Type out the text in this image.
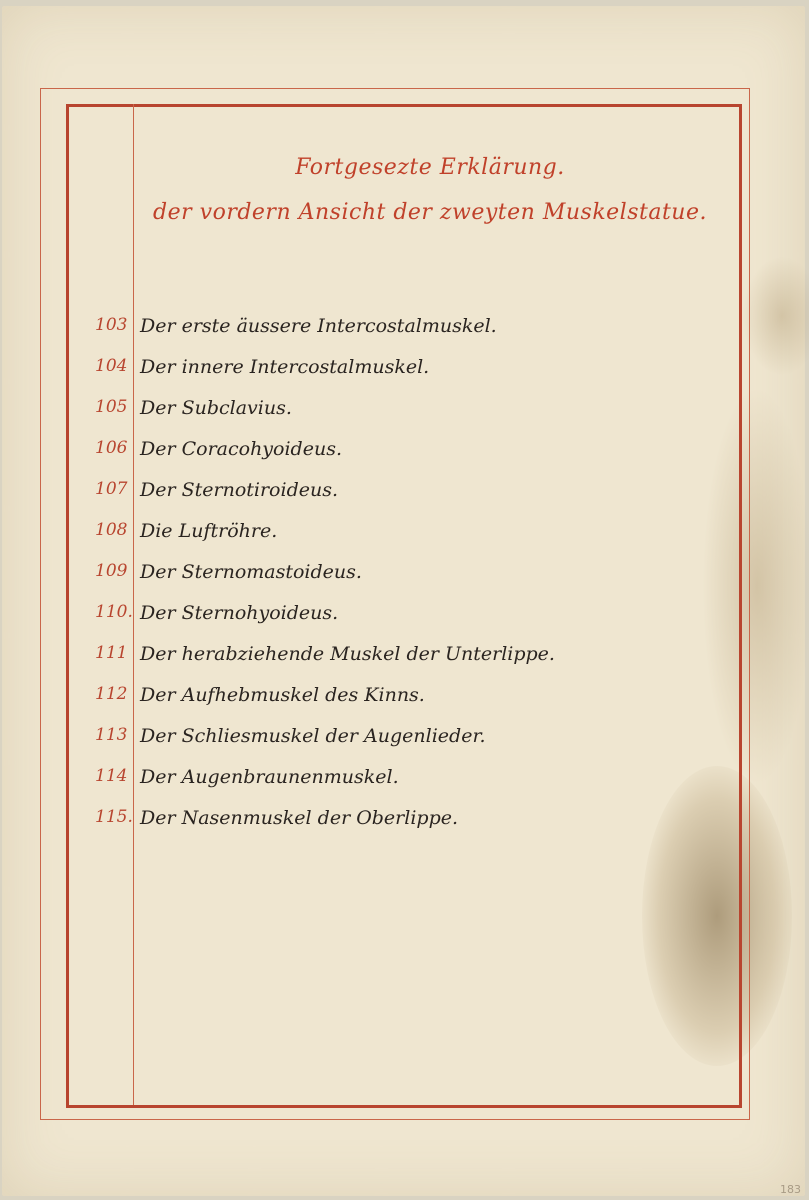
Fortgesezte Erklärung.
der vordern Ansicht der zweyten Muskelstatue.
103 Der erste äussere Intercostalmuskel.
104 Der innere Intercostalmuskel.
105 Der Subclavius.
106 Der Coracohyoideus.
107 Der Sternotiroideus.
108 Die Luftröhre.
109 Der Sternomastoideus.
110. Der Sternohyoideus.
111 Der herabziehende Muskel der Unterlippe.
112 Der Aufhebmuskel des Kinns.
113 Der Schliesmuskel der Augenlieder.
114 Der Augenbraunenmuskel.
115. Der Nasenmuskel der Oberlippe.
183
